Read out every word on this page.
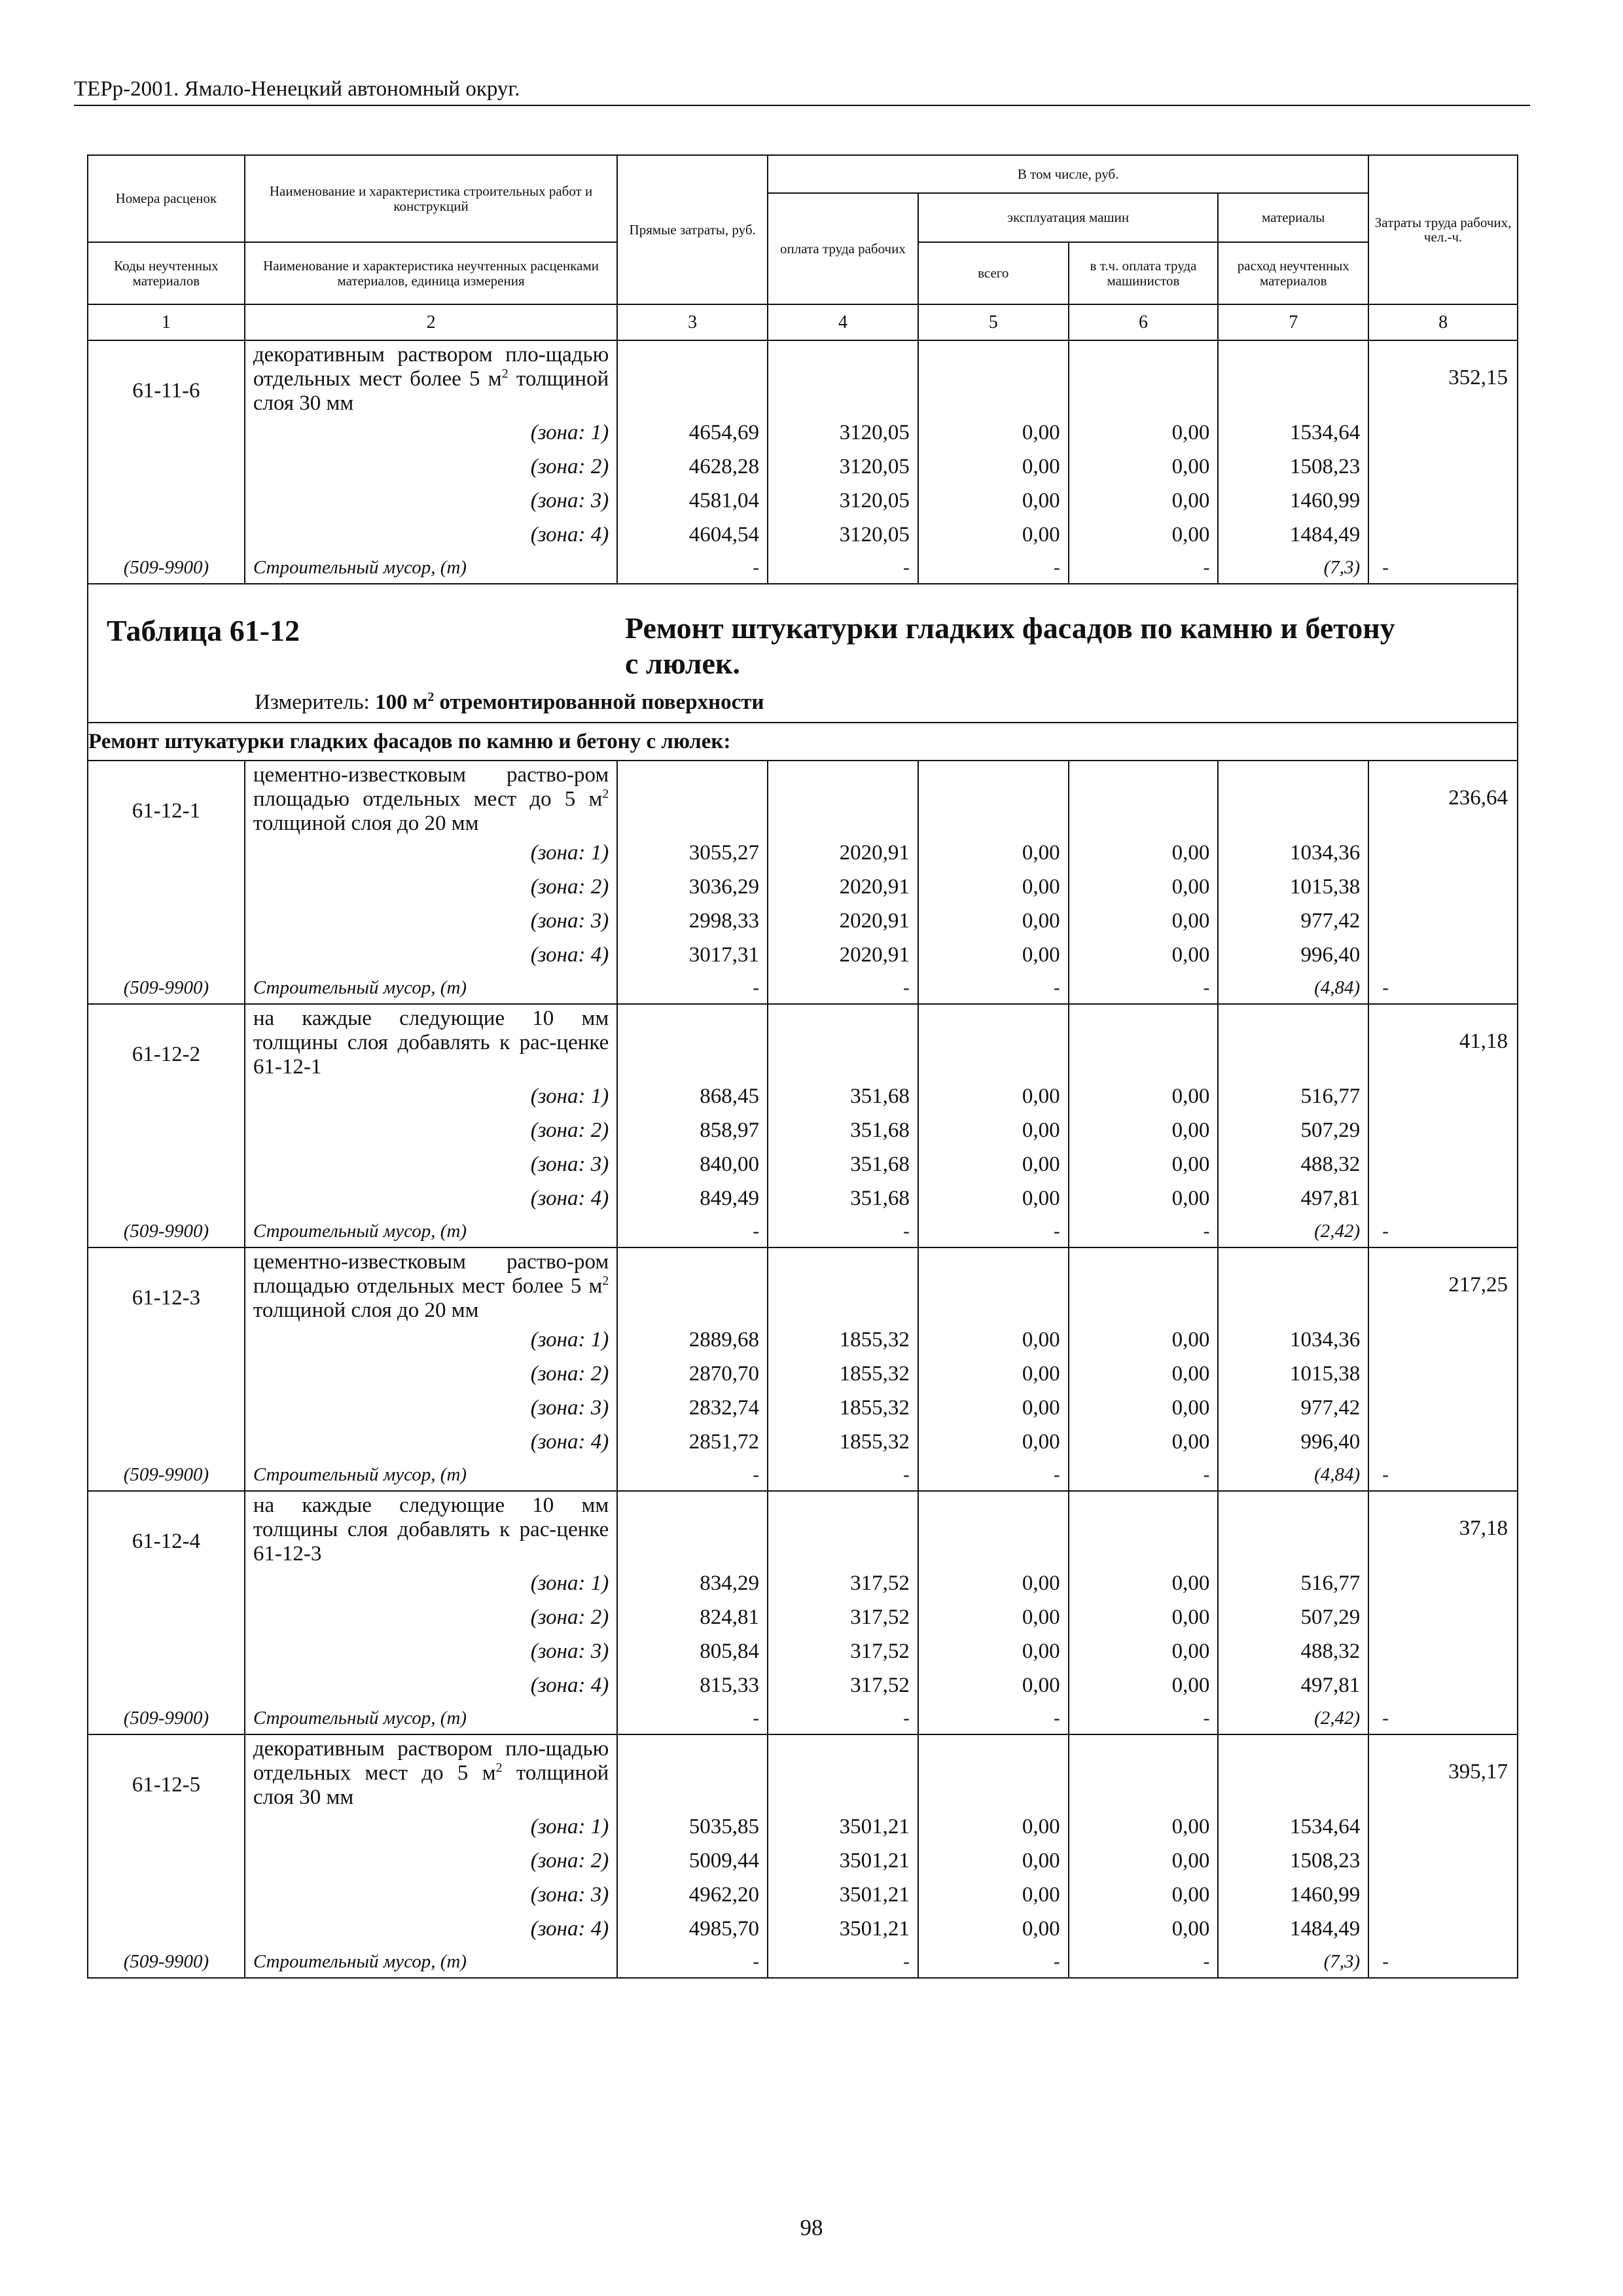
ТЕРр-2001. Ямало-Ненецкий автономный округ.
Номера расценок	Наименование и характеристика строительных работ и конструкций	Прямые затраты, руб.	В том числе, руб.				Затраты труда рабочих, чел.-ч.
			оплата труда рабочих	эксплуатация машин		материалы	
Коды неучтенных материалов	Наименование и характеристика неучтенных расценками материалов, единица измерения			всего	в т.ч. оплата труда машинистов	расход неучтенных материалов	
1	2	3	4	5	6	7	8
61-11-6	декоративным раствором пло-щадью отдельных мест более 5 $м^2$ толщиной слоя 30 мм						352,15
	(зона: 1)	4654,69	3120,05	0,00	0,00	1534,64	
	(зона: 2)	4628,28	3120,05	0,00	0,00	1508,23	
	(зона: 3)	4581,04	3120,05	0,00	0,00	1460,99	
	(зона: 4)	4604,54	3120,05	0,00	0,00	1484,49	
(509-9900)	Строительный мусор, (т)	-	-	-	-	(7,3)	-

Таблица 61-12 Ремонт штукатурки гладких фасадов по камню и бетону с люлек.
Измеритель: 100 $м^2$ отремонтированной поверхности							

Ремонт штукатурки гладких фасадов по камню и бетону с люлек:							
61-12-1	цементно-известковым раство-ром площадью отдельных мест до 5 $м^2$ толщиной слоя до 20 мм						236,64
	(зона: 1)	3055,27	2020,91	0,00	0,00	1034,36	
	(зона: 2)	3036,29	2020,91	0,00	0,00	1015,38	
	(зона: 3)	2998,33	2020,91	0,00	0,00	977,42	
	(зона: 4)	3017,31	2020,91	0,00	0,00	996,40	
(509-9900)	Строительный мусор, (т)	-	-	-	-	(4,84)	-
61-12-2	на каждые следующие 10 мм толщины слоя добавлять к рас-ценке 61-12-1						41,18
	(зона: 1)	868,45	351,68	0,00	0,00	516,77	
	(зона: 2)	858,97	351,68	0,00	0,00	507,29	
	(зона: 3)	840,00	351,68	0,00	0,00	488,32	
	(зона: 4)	849,49	351,68	0,00	0,00	497,81	
(509-9900)	Строительный мусор, (т)	-	-	-	-	(2,42)	-
61-12-3	цементно-известковым раство-ром площадью отдельных мест более 5 $м^2$ толщиной слоя до 20 мм						217,25
	(зона: 1)	2889,68	1855,32	0,00	0,00	1034,36	
	(зона: 2)	2870,70	1855,32	0,00	0,00	1015,38	
	(зона: 3)	2832,74	1855,32	0,00	0,00	977,42	
	(зона: 4)	2851,72	1855,32	0,00	0,00	996,40	
(509-9900)	Строительный мусор, (т)	-	-	-	-	(4,84)	-
61-12-4	на каждые следующие 10 мм толщины слоя добавлять к рас-ценке 61-12-3						37,18
	(зона: 1)	834,29	317,52	0,00	0,00	516,77	
	(зона: 2)	824,81	317,52	0,00	0,00	507,29	
	(зона: 3)	805,84	317,52	0,00	0,00	488,32	
	(зона: 4)	815,33	317,52	0,00	0,00	497,81	
(509-9900)	Строительный мусор, (т)	-	-	-	-	(2,42)	-
61-12-5	декоративным раствором пло-щадью отдельных мест до 5 $м^2$ толщиной слоя 30 мм						395,17
	(зона: 1)	5035,85	3501,21	0,00	0,00	1534,64	
	(зона: 2)	5009,44	3501,21	0,00	0,00	1508,23	
	(зона: 3)	4962,20	3501,21	0,00	0,00	1460,99	
	(зона: 4)	4985,70	3501,21	0,00	0,00	1484,49	
(509-9900)	Строительный мусор, (т)	-	-	-	-	(7,3)	-
98
